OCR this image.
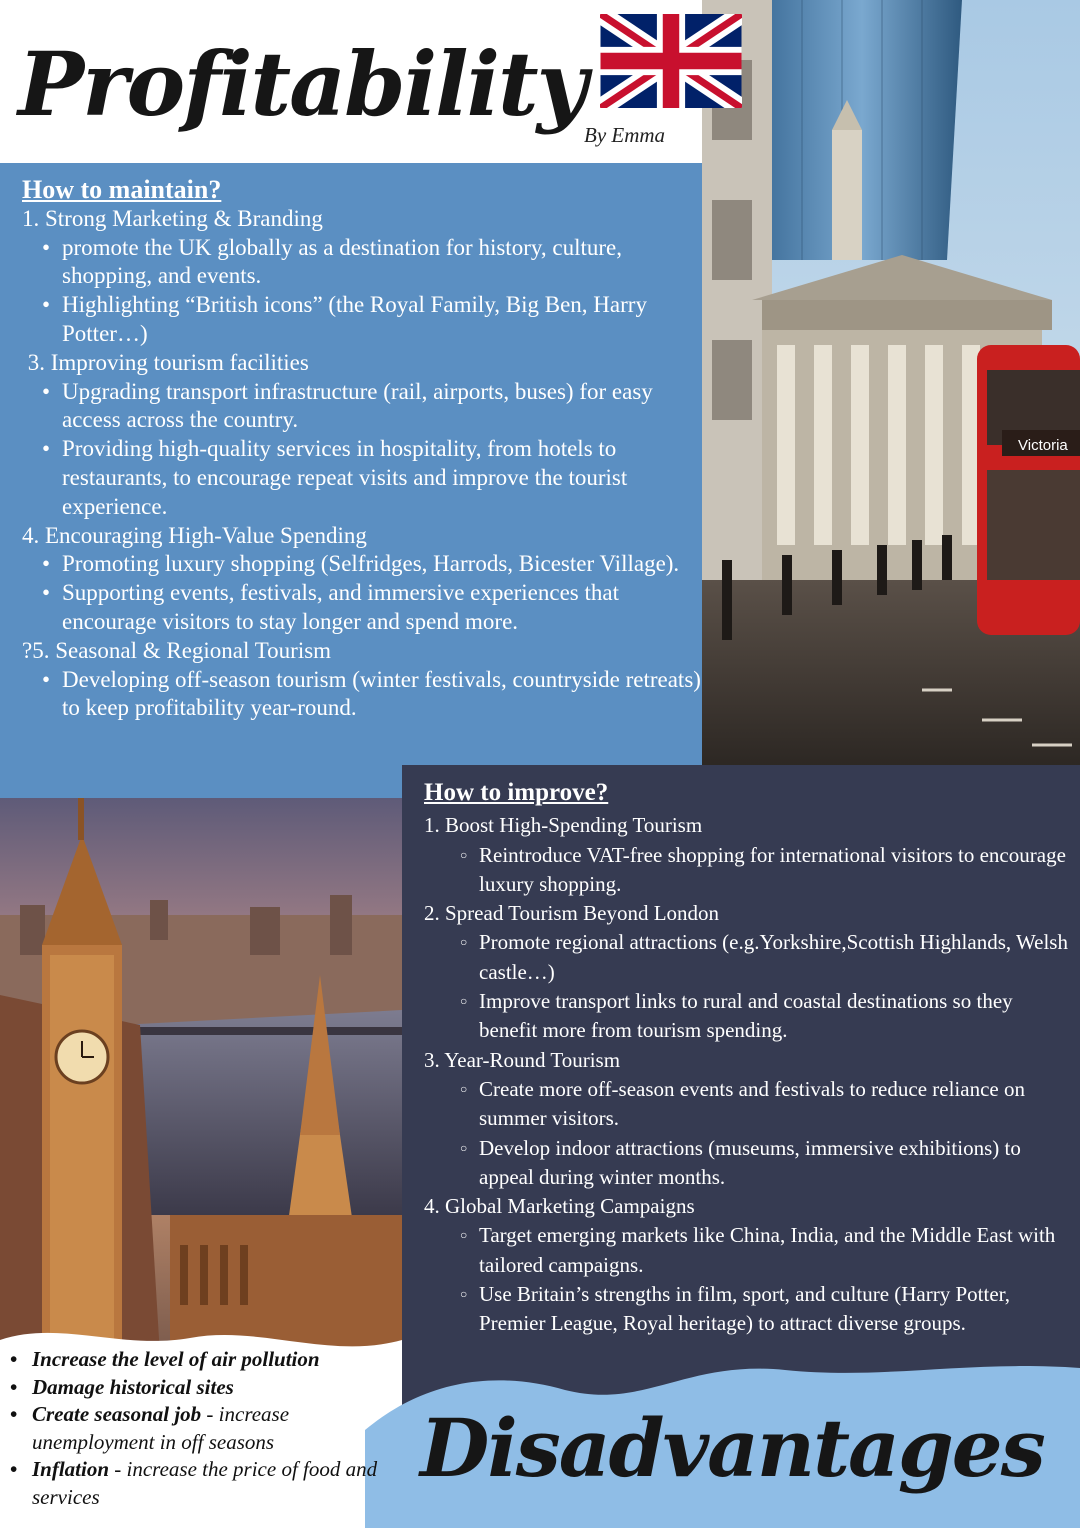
Victoria
Profitability
By Emma
How to maintain?

1. Strong Marketing & Branding

• promote the UK globally as a destination for history, culture, shopping, and events.

• Highlighting “British icons” (the Royal Family, Big Ben, Harry Potter…)

3. Improving tourism facilities

• Upgrading transport infrastructure (rail, airports, buses) for easy access across the country.

• Providing high-quality services in hospitality, from hotels to restaurants, to encourage repeat visits and improve the tourist experience.

4. Encouraging High-Value Spending

• Promoting luxury shopping (Selfridges, Harrods, Bicester Village).

• Supporting events, festivals, and immersive experiences that encourage visitors to stay longer and spend more.

?5. Seasonal & Regional Tourism

• Developing off-season tourism (winter festivals, countryside retreats) to keep profitability year-round.

How to improve?

1. Boost High-Spending Tourism

○ Reintroduce VAT-free shopping for international visitors to encourage luxury shopping.

2. Spread Tourism Beyond London

○ Promote regional attractions (e.g.Yorkshire,Scottish Highlands, Welsh castle…)

○ Improve transport links to rural and coastal destinations so they benefit more from tourism spending.

3. Year-Round Tourism

○ Create more off-season events and festivals to reduce reliance on summer visitors.

○ Develop indoor attractions (museums, immersive exhibitions) to appeal during winter months.

4. Global Marketing Campaigns

○ Target emerging markets like China, India, and the Middle East with tailored campaigns.

○ Use Britain’s strengths in film, sport, and culture (Harry Potter, Premier League, Royal heritage) to attract diverse groups.

• Increase the level of air pollution

• Damage historical sites

• Create seasonal job - increase unemployment in off seasons

• Inflation - increase the price of food and services

Disadvantages
